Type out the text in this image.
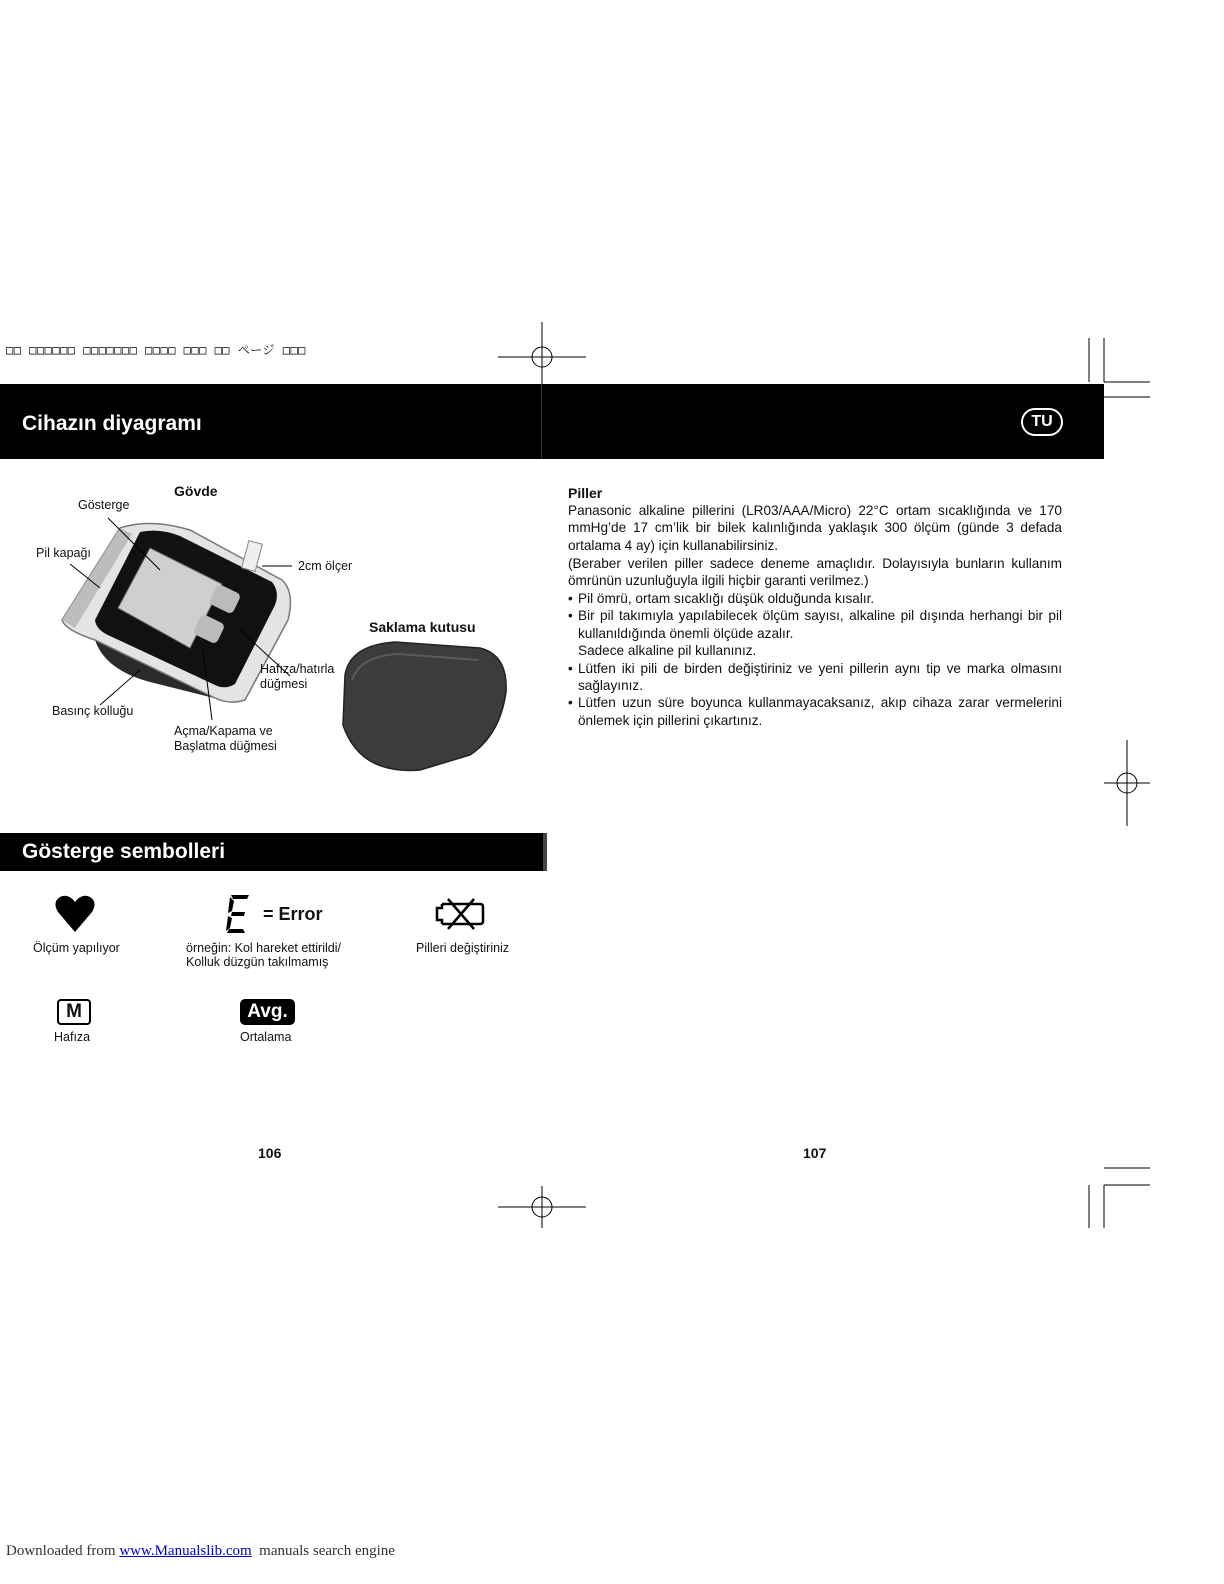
□□ □□□□□□ □□□□□□□ □□□□ □□□ □□ ページ □□□
Cihazın diyagramı	TU
Gövde
Gösterge
Pil kapağı
2cm ölçer
Saklama kutusu
Hafıza/hatırla
düğmesi
Basınç kolluğu
Açma/Kapama ve
Başlatma düğmesi
Piller
Panasonic alkaline pillerini (LR03/AAA/Micro) 22°C ortam sıcaklığında ve 170 mmHg’de 17 cm’lik bir bilek kalınlığında yaklaşık 300 ölçüm (günde 3 defada ortalama 4 ay) için kullanabilirsiniz.
(Beraber verilen piller sadece deneme amaçlıdır. Dolayısıyla bunların kullanım ömrünün uzunluğuyla ilgili hiçbir garanti verilmez.)
• Pil ömrü, ortam sıcaklığı düşük olduğunda kısalır.
• Bir pil takımıyla yapılabilecek ölçüm sayısı, alkaline pil dışında herhangi bir pil kullanıldığında önemli ölçüde azalır.
Sadece alkaline pil kullanınız.
• Lütfen iki pili de birden değiştiriniz ve yeni pillerin aynı tip ve marka olmasını sağlayınız.
• Lütfen uzun süre boyunca kullanmayacaksanız, akıp cihaza zarar vermelerini önlemek için pillerini çıkartınız.
Gösterge sembolleri
Ölçüm yapılıyor
= Error
örneğin: Kol hareket ettirildi/
Kolluk düzgün takılmamış
Pilleri değiştiriniz
M
Hafıza
Avg.
Ortalama
106	107
Downloaded from www.Manualslib.com  manuals search engine
